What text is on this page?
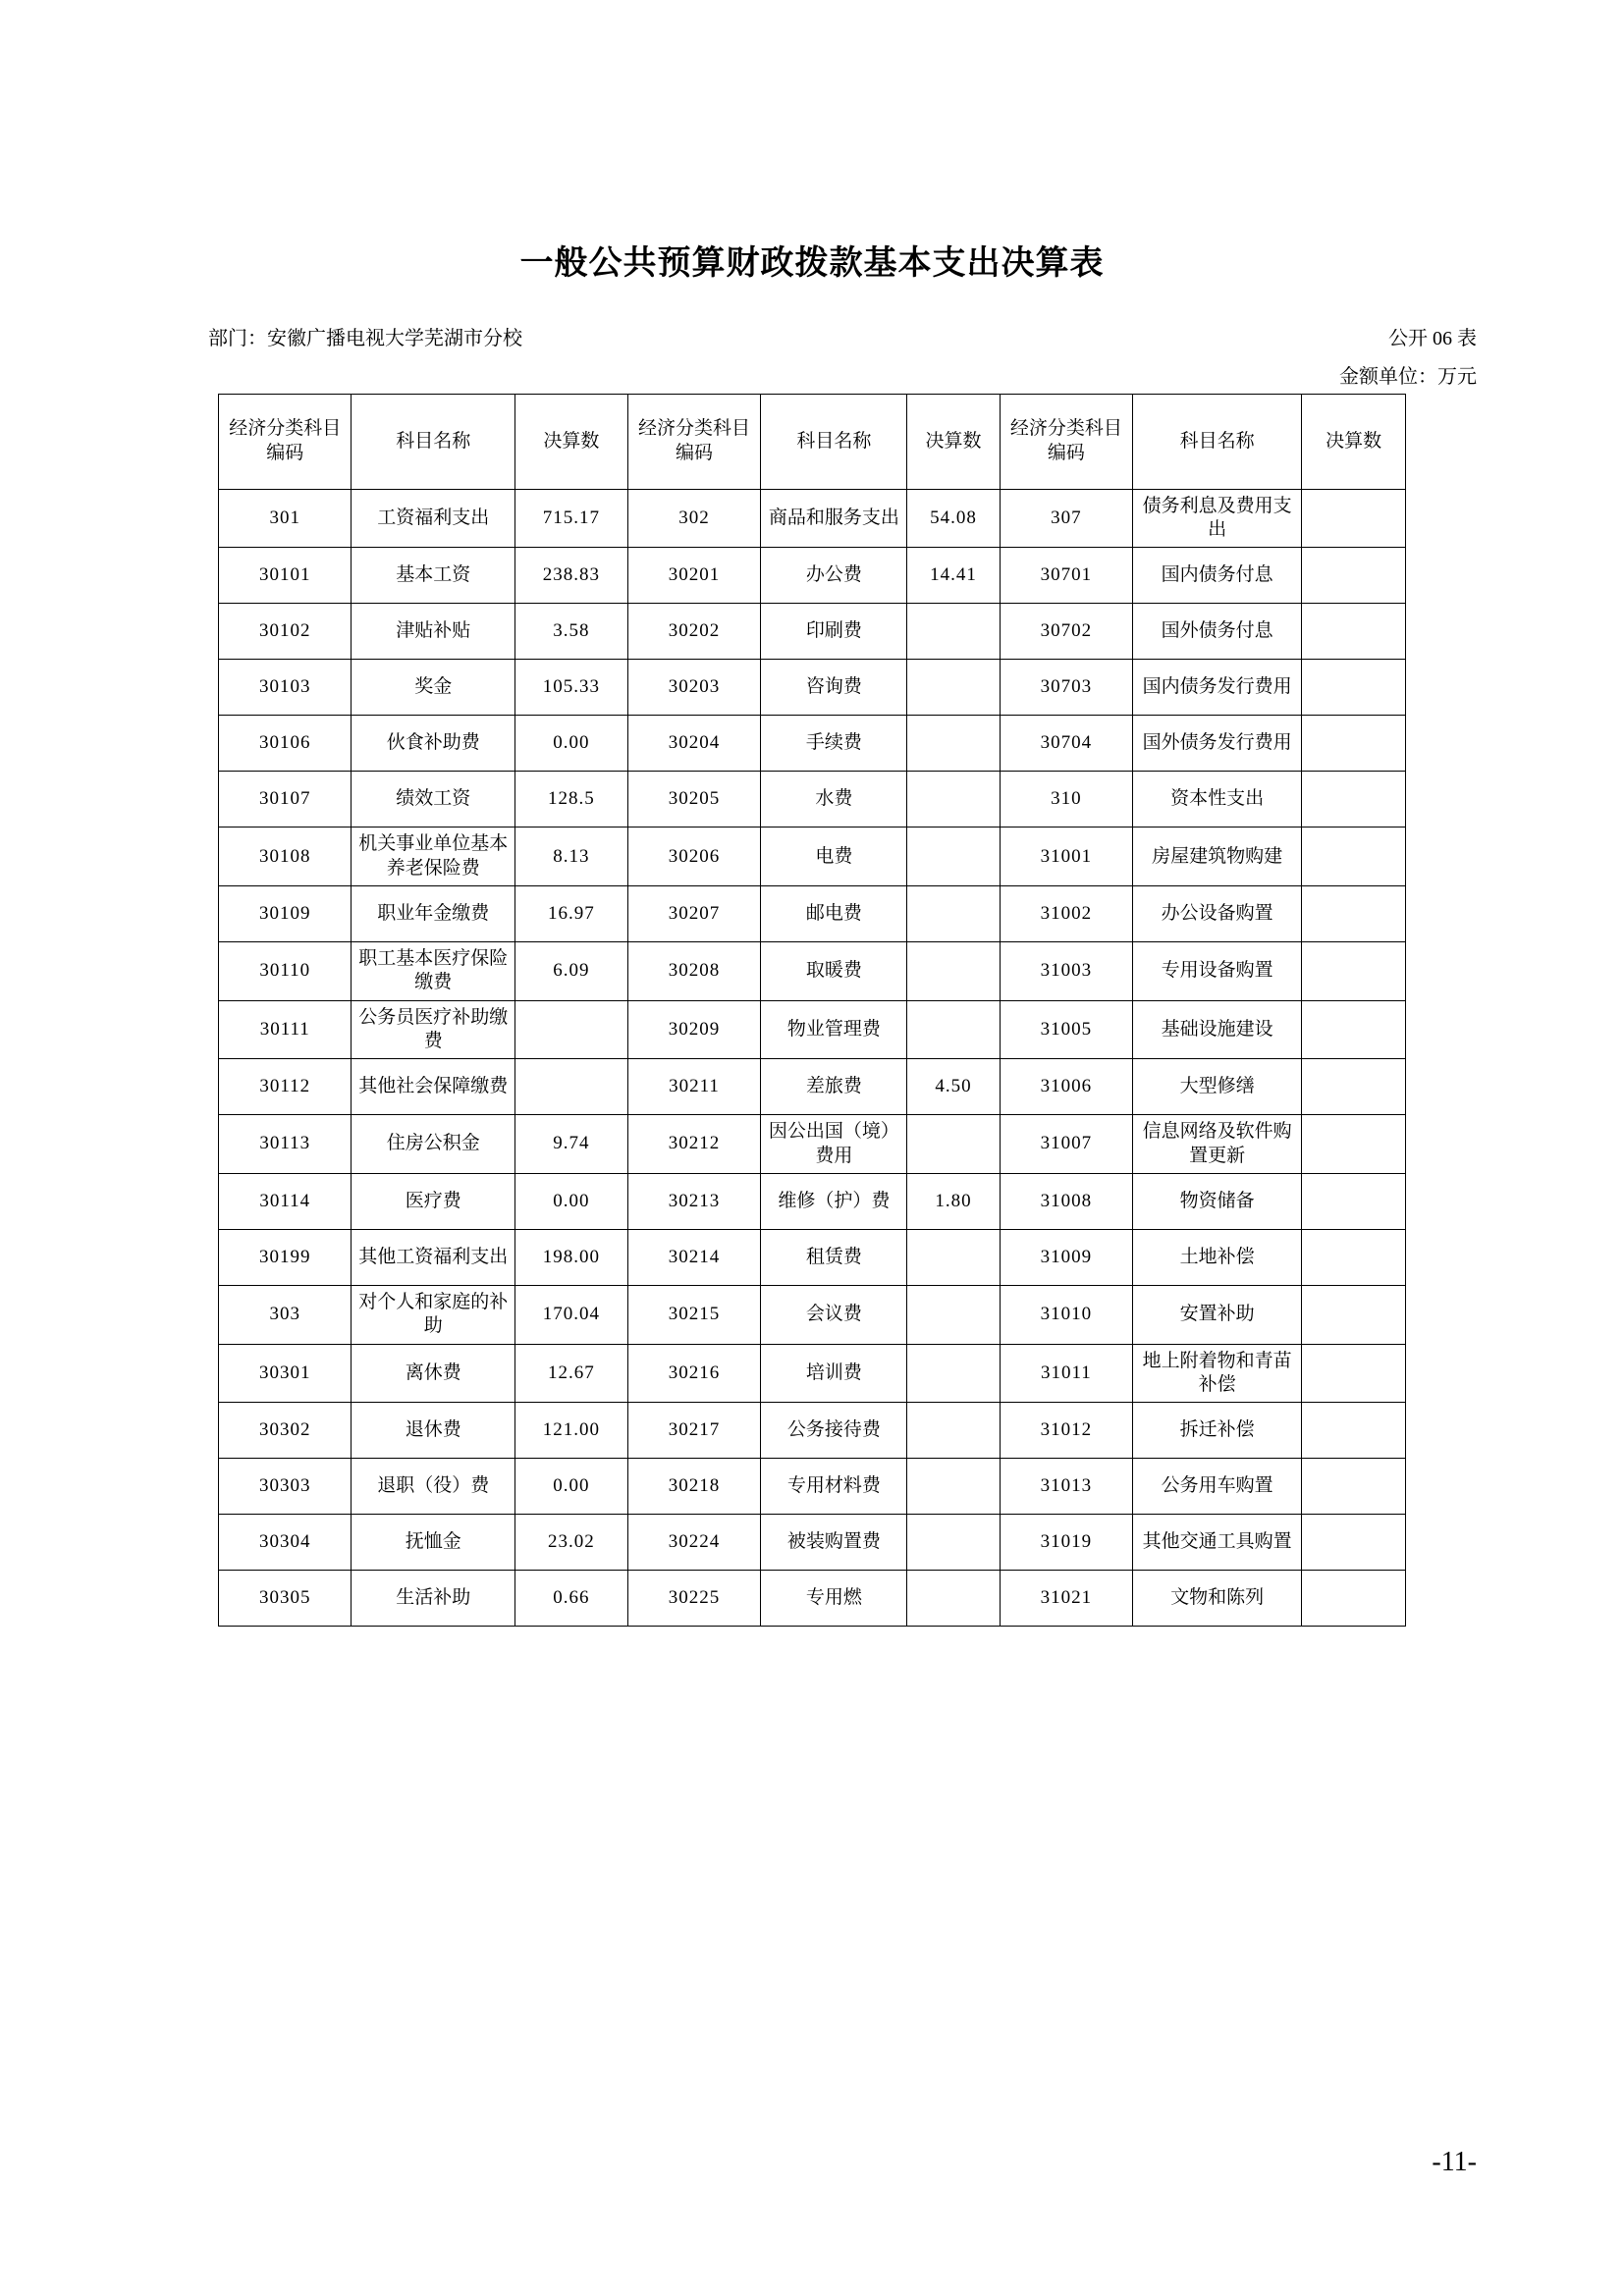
一般公共预算财政拨款基本支出决算表
部门：安徽广播电视大学芜湖市分校	公开 06 表
金额单位：万元
经济分类科目编码	科目名称	决算数	经济分类科目编码	科目名称	决算数	经济分类科目编码	科目名称	决算数
301	工资福利支出	715.17	302	商品和服务支出	54.08	307	债务利息及费用支出	
30101	基本工资	238.83	30201	办公费	14.41	30701	国内债务付息	
30102	津贴补贴	3.58	30202	印刷费		30702	国外债务付息	
30103	奖金	105.33	30203	咨询费		30703	国内债务发行费用	
30106	伙食补助费	0.00	30204	手续费		30704	国外债务发行费用	
30107	绩效工资	128.5	30205	水费		310	资本性支出	
30108	机关事业单位基本养老保险费	8.13	30206	电费		31001	房屋建筑物购建	
30109	职业年金缴费	16.97	30207	邮电费		31002	办公设备购置	
30110	职工基本医疗保险缴费	6.09	30208	取暖费		31003	专用设备购置	
30111	公务员医疗补助缴费		30209	物业管理费		31005	基础设施建设	
30112	其他社会保障缴费		30211	差旅费	4.50	31006	大型修缮	
30113	住房公积金	9.74	30212	因公出国（境）费用		31007	信息网络及软件购置更新	
30114	医疗费	0.00	30213	维修（护）费	1.80	31008	物资储备	
30199	其他工资福利支出	198.00	30214	租赁费		31009	土地补偿	
303	对个人和家庭的补助	170.04	30215	会议费		31010	安置补助	
30301	离休费	12.67	30216	培训费		31011	地上附着物和青苗补偿	
30302	退休费	121.00	30217	公务接待费		31012	拆迁补偿	
30303	退职（役）费	0.00	30218	专用材料费		31013	公务用车购置	
30304	抚恤金	23.02	30224	被装购置费		31019	其他交通工具购置	
30305	生活补助	0.66	30225	专用燃		31021	文物和陈列	
-11-
